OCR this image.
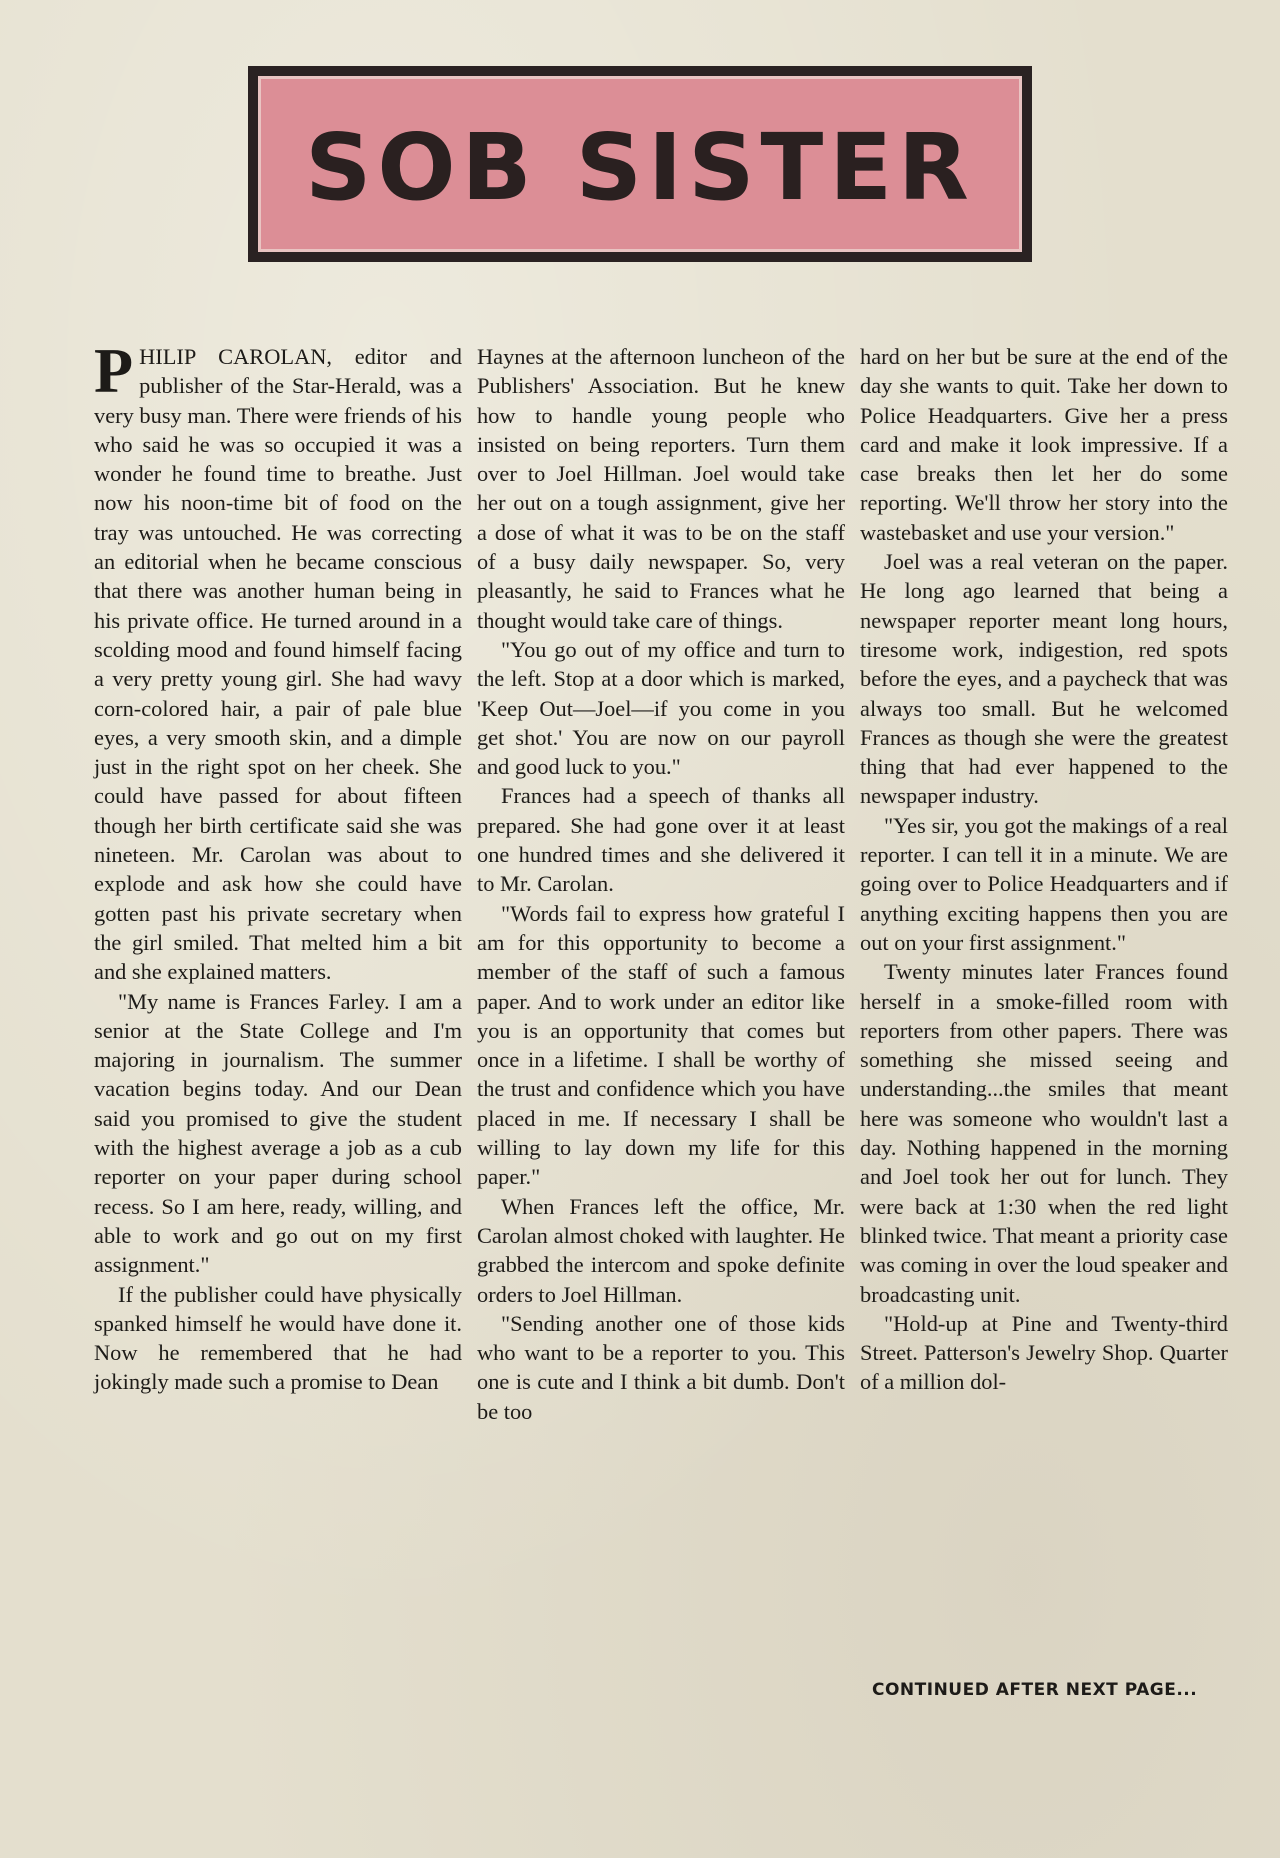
SOB SISTER

PHILIP CAROLAN, editor and publisher of the Star-Herald, was a very busy man. There were friends of his who said he was so occupied it was a wonder he found time to breathe. Just now his noon-time bit of food on the tray was untouched. He was correcting an editorial when he became conscious that there was another human being in his private office. He turned around in a scolding mood and found himself facing a very pretty young girl. She had wavy corn-colored hair, a pair of pale blue eyes, a very smooth skin, and a dimple just in the right spot on her cheek. She could have passed for about fifteen though her birth certificate said she was nineteen. Mr. Carolan was about to explode and ask how she could have gotten past his private secretary when the girl smiled. That melted him a bit and she explained matters.

"My name is Frances Farley. I am a senior at the State College and I'm majoring in journalism. The summer vacation begins today. And our Dean said you promised to give the student with the highest average a job as a cub reporter on your paper during school recess. So I am here, ready, willing, and able to work and go out on my first assignment."

If the publisher could have physically spanked himself he would have done it. Now he remembered that he had jokingly made such a promise to Dean

Haynes at the afternoon luncheon of the Publishers' Association. But he knew how to handle young people who insisted on being reporters. Turn them over to Joel Hillman. Joel would take her out on a tough assignment, give her a dose of what it was to be on the staff of a busy daily newspaper. So, very pleasantly, he said to Frances what he thought would take care of things.

"You go out of my office and turn to the left. Stop at a door which is marked, 'Keep Out—Joel—if you come in you get shot.' You are now on our payroll and good luck to you."

Frances had a speech of thanks all prepared. She had gone over it at least one hundred times and she delivered it to Mr. Carolan.

"Words fail to express how grateful I am for this opportunity to become a member of the staff of such a famous paper. And to work under an editor like you is an opportunity that comes but once in a lifetime. I shall be worthy of the trust and confidence which you have placed in me. If necessary I shall be willing to lay down my life for this paper."

When Frances left the office, Mr. Carolan almost choked with laughter. He grabbed the intercom and spoke definite orders to Joel Hillman.

"Sending another one of those kids who want to be a reporter to you. This one is cute and I think a bit dumb. Don't be too

hard on her but be sure at the end of the day she wants to quit. Take her down to Police Headquarters. Give her a press card and make it look impressive. If a case breaks then let her do some reporting. We'll throw her story into the wastebasket and use your version."

Joel was a real veteran on the paper. He long ago learned that being a newspaper reporter meant long hours, tiresome work, indigestion, red spots before the eyes, and a paycheck that was always too small. But he welcomed Frances as though she were the greatest thing that had ever happened to the newspaper industry.

"Yes sir, you got the makings of a real reporter. I can tell it in a minute. We are going over to Police Headquarters and if anything exciting happens then you are out on your first assignment."

Twenty minutes later Frances found herself in a smoke-filled room with reporters from other papers. There was something she missed seeing and understanding...the smiles that meant here was someone who wouldn't last a day. Nothing happened in the morning and Joel took her out for lunch. They were back at 1:30 when the red light blinked twice. That meant a priority case was coming in over the loud speaker and broadcasting unit.

"Hold-up at Pine and Twenty-third Street. Patterson's Jewelry Shop. Quarter of a million dol-

CONTINUED AFTER NEXT PAGE...
